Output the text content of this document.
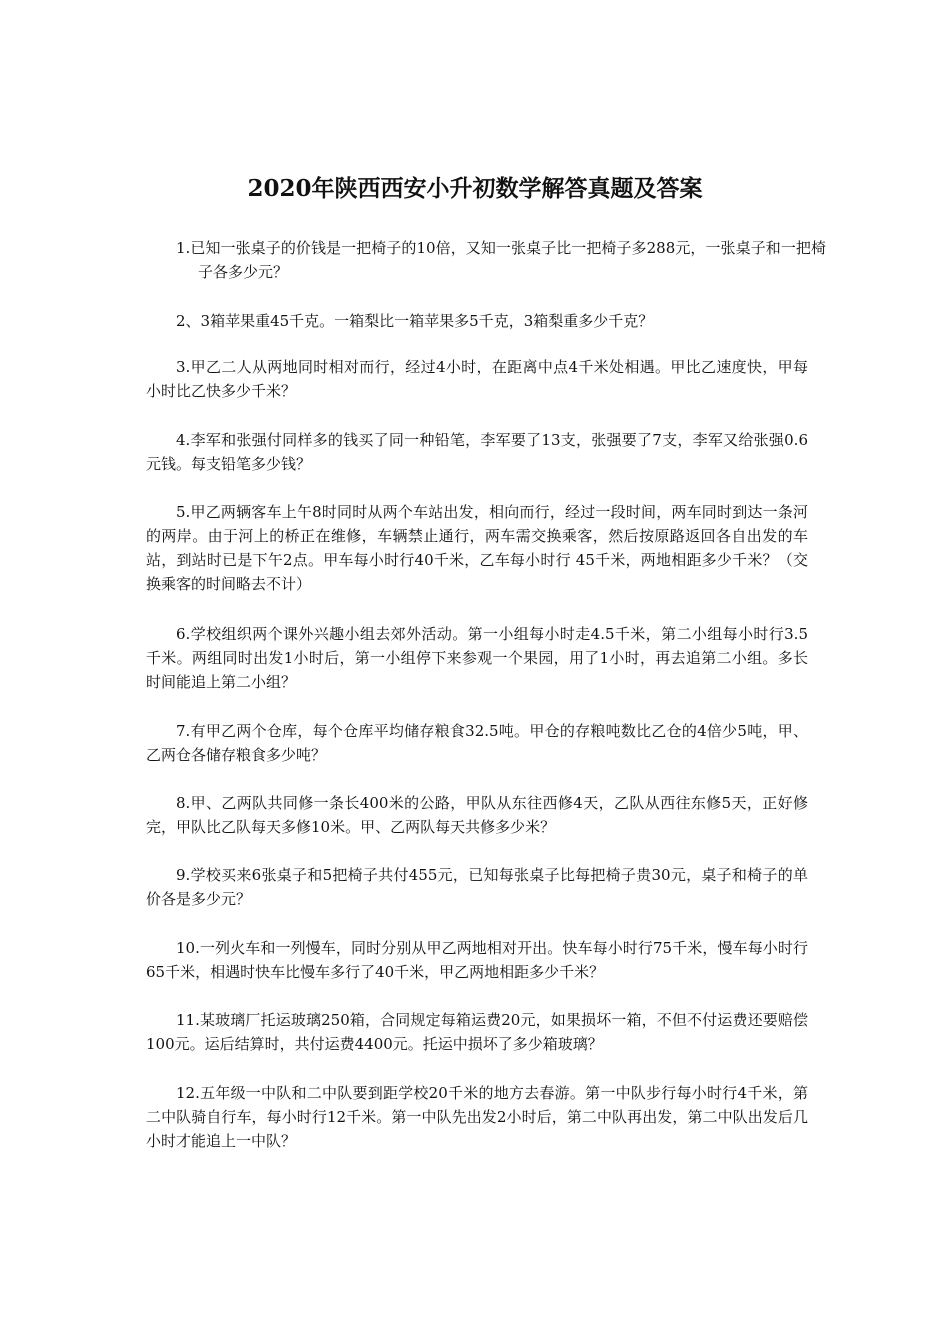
2020年陕西西安小升初数学解答真题及答案
1.已知一张桌子的价钱是一把椅子的10倍，又知一张桌子比一把椅子多288元，一张桌子和一把椅子各多少元？
2、3箱苹果重45千克。一箱梨比一箱苹果多5千克，3箱梨重多少千克？
3.甲乙二人从两地同时相对而行，经过4小时，在距离中点4千米处相遇。甲比乙速度快，甲每小时比乙快多少千米？
4.李军和张强付同样多的钱买了同一种铅笔，李军要了13支，张强要了7支，李军又给张强0.6元钱。每支铅笔多少钱？
5.甲乙两辆客车上午8时同时从两个车站出发，相向而行，经过一段时间，两车同时到达一条河 的两岸。由于河上的桥正在维修，车辆禁止通行，两车需交换乘客，然后按原路返回各自出发的车站，到站时已是下午2点。甲车每小时行40千米，乙车每小时行 45千米，两地相距多少千米？（交换乘客的时间略去不计）
6.学校组织两个课外兴趣小组去郊外活动。第一小组每小时走4.5千米，第二小组每小时行3.5千米。两组同时出发1小时后，第一小组停下来参观一个果园，用了1小时，再去追第二小组。多长时间能追上第二小组？
7.有甲乙两个仓库，每个仓库平均储存粮食32.5吨。甲仓的存粮吨数比乙仓的4倍少5吨，甲、乙两仓各储存粮食多少吨？
8.甲、乙两队共同修一条长400米的公路，甲队从东往西修4天，乙队从西往东修5天，正好修完，甲队比乙队每天多修10米。甲、乙两队每天共修多少米？
9.学校买来6张桌子和5把椅子共付455元，已知每张桌子比每把椅子贵30元，桌子和椅子的单价各是多少元？
10.一列火车和一列慢车，同时分别从甲乙两地相对开出。快车每小时行75千米，慢车每小时行65千米，相遇时快车比慢车多行了40千米，甲乙两地相距多少千米？
11.某玻璃厂托运玻璃250箱，合同规定每箱运费20元，如果损坏一箱，不但不付运费还要赔偿100元。运后结算时，共付运费4400元。托运中损坏了多少箱玻璃？
12.五年级一中队和二中队要到距学校20千米的地方去春游。第一中队步行每小时行4千米，第二中队骑自行车，每小时行12千米。第一中队先出发2小时后，第二中队再出发，第二中队出发后几小时才能追上一中队？
